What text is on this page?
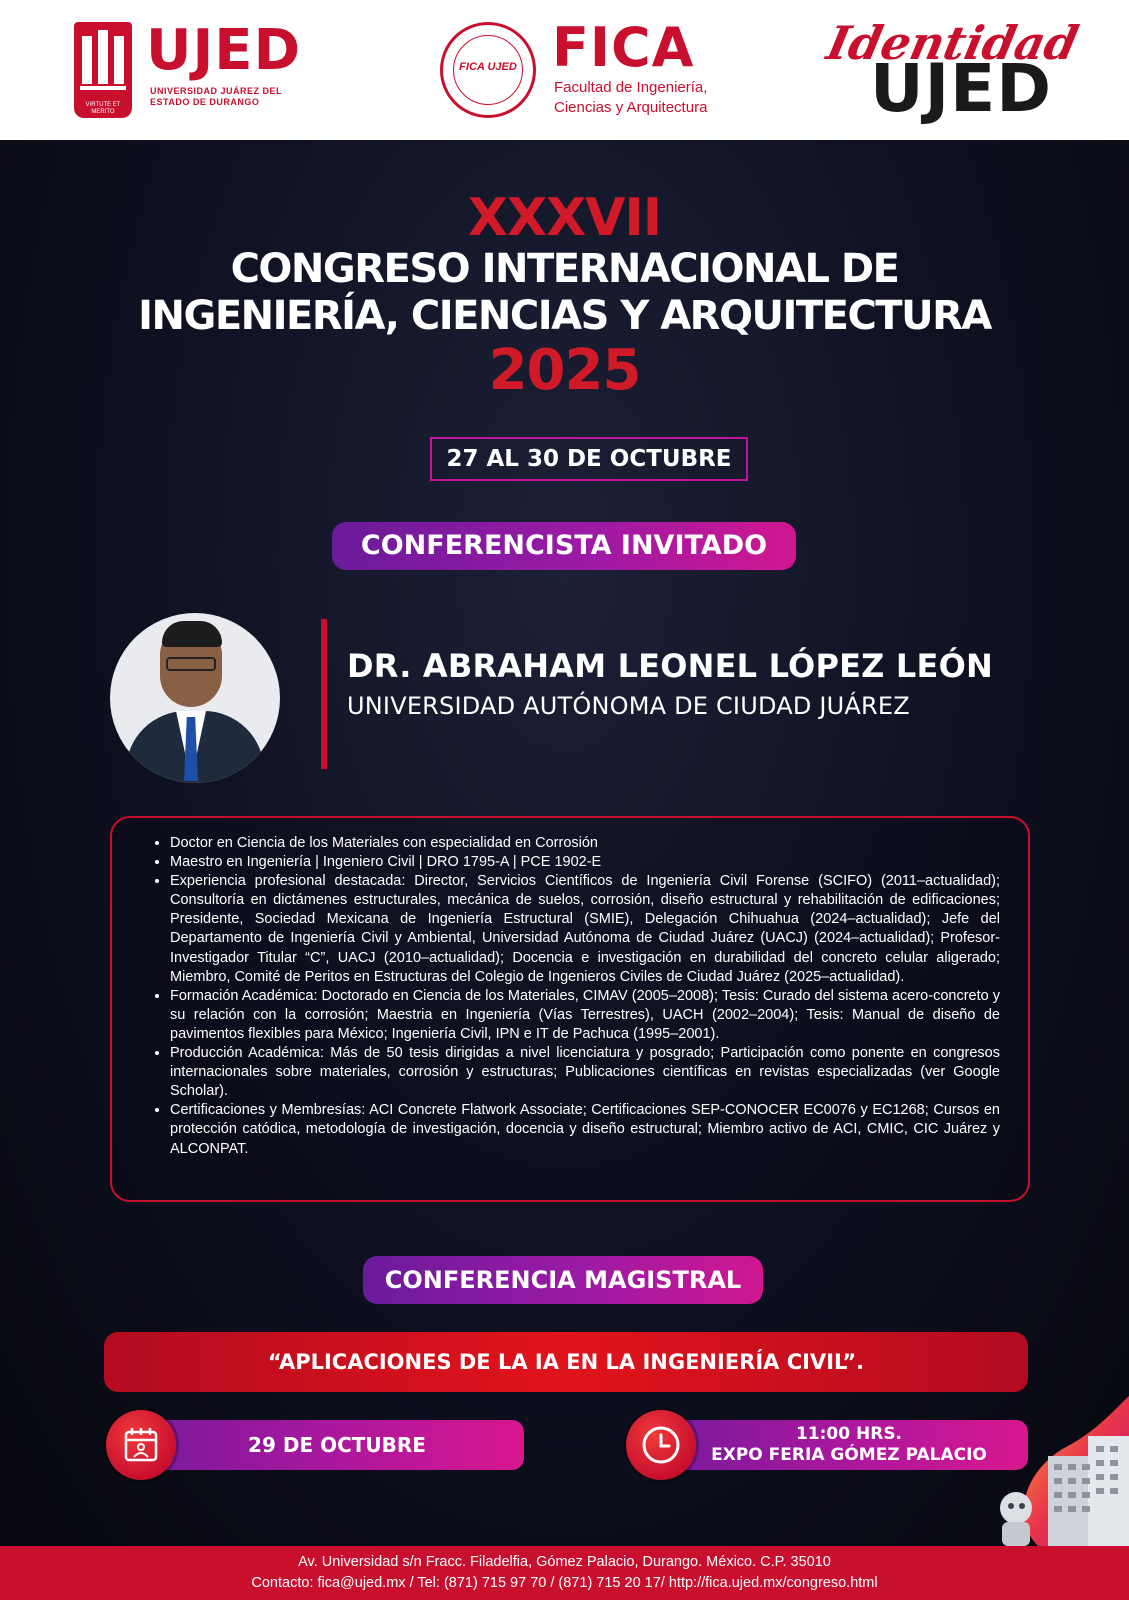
VIRTUTE ET MERITO
UJED
UNIVERSIDAD JUÁREZ DEL ESTADO DE DURANGO
FICA UJED FICA
Facultad de Ingeniería,
Ciencias y Arquitectura
Identidad
UJED
XXXVII
CONGRESO INTERNACIONAL DE
INGENIERÍA, CIENCIAS Y ARQUITECTURA
2025
27 AL 30 DE OCTUBRE
CONFERENCISTA INVITADO
DR. ABRAHAM LEONEL LÓPEZ LEÓN
UNIVERSIDAD AUTÓNOMA DE CIUDAD JUÁREZ
• Doctor en Ciencia de los Materiales con especialidad en Corrosión
• Maestro en Ingeniería | Ingeniero Civil | DRO 1795-A | PCE 1902-E
• Experiencia profesional destacada: Director, Servicios Científicos de Ingeniería Civil Forense (SCIFO) (2011–actualidad); Consultoría en dictámenes estructurales, mecánica de suelos, corrosión, diseño estructural y rehabilitación de edificaciones; Presidente, Sociedad Mexicana de Ingeniería Estructural (SMIE), Delegación Chihuahua (2024–actualidad); Jefe del Departamento de Ingeniería Civil y Ambiental, Universidad Autónoma de Ciudad Juárez (UACJ) (2024–actualidad); Profesor-Investigador Titular “C”, UACJ (2010–actualidad); Docencia e investigación en durabilidad del concreto celular aligerado; Miembro, Comité de Peritos en Estructuras del Colegio de Ingenieros Civiles de Ciudad Juárez (2025–actualidad).
• Formación Académica: Doctorado en Ciencia de los Materiales, CIMAV (2005–2008); Tesis: Curado del sistema acero-concreto y su relación con la corrosión; Maestria en Ingeniería (Vías Terrestres), UACH (2002–2004); Tesis: Manual de diseño de pavimentos flexibles para México; Ingeniería Civil, IPN e IT de Pachuca (1995–2001).
• Producción Académica: Más de 50 tesis dirigidas a nivel licenciatura y posgrado; Participación como ponente en congresos internacionales sobre materiales, corrosión y estructuras; Publicaciones científicas en revistas especializadas (ver Google Scholar).
• Certificaciones y Membresías: ACI Concrete Flatwork Associate; Certificaciones SEP-CONOCER EC0076 y EC1268; Cursos en protección catódica, metodología de investigación, docencia y diseño estructural; Miembro activo de ACI, CMIC, CIC Juárez y ALCONPAT.
CONFERENCIA MAGISTRAL
“APLICACIONES DE LA IA EN LA INGENIERÍA CIVIL”.
29 DE OCTUBRE	11:00 HRS.
EXPO FERIA GÓMEZ PALACIO
Av. Universidad s/n Fracc. Filadelfia, Gómez Palacio, Durango. México. C.P. 35010
Contacto: fica@ujed.mx / Tel: (871) 715 97 70 / (871) 715 20 17/ http://fica.ujed.mx/congreso.html
